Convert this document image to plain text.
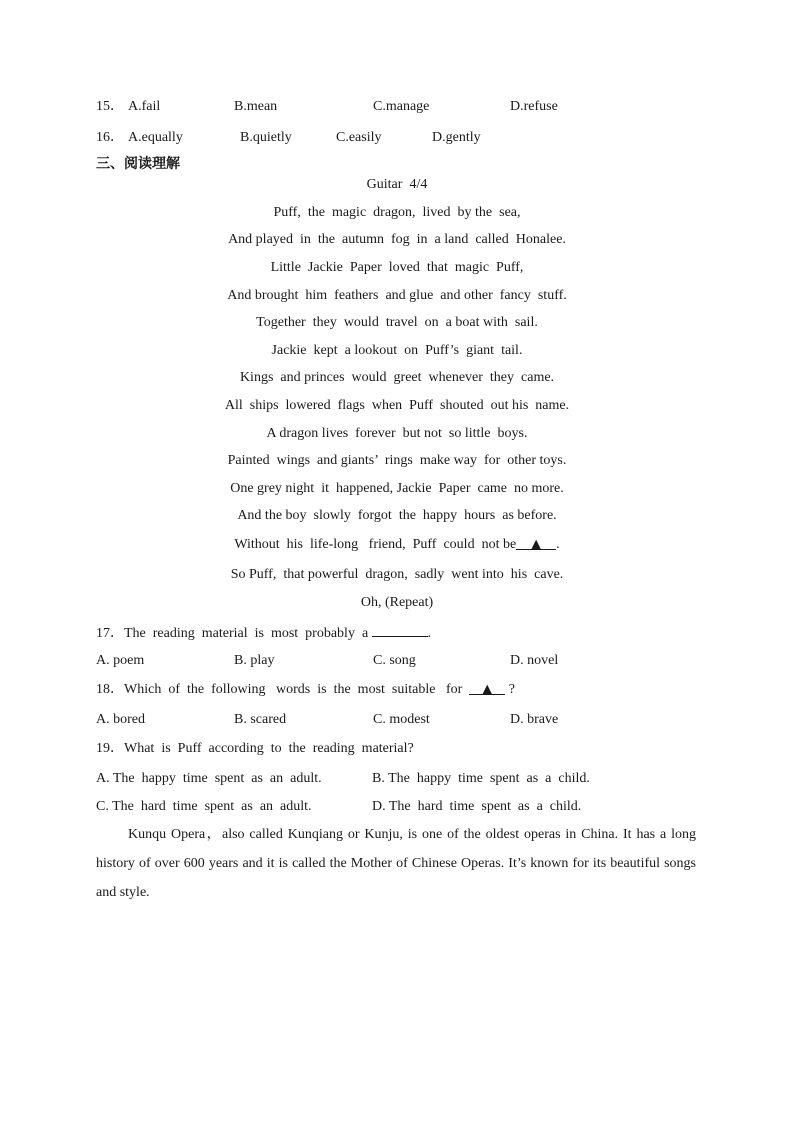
15． A.fail	B.mean	C.manage	D.refuse
16． A.equally	B.quietly	C.easily	D.gently
三、阅读理解
Guitar  4/4
Puff,  the  magic  dragon,  lived  by the  sea,
And played  in  the  autumn  fog  in  a land  called  Honalee.
Little  Jackie  Paper  loved  that  magic  Puff,
And brought  him  feathers  and glue  and other  fancy  stuff.
Together  they  would  travel  on  a boat with  sail.
Jackie  kept  a lookout  on  Puff’s  giant  tail.
Kings  and princes  would  greet  whenever  they  came.
All  ships  lowered  flags  when  Puff  shouted  out his  name.
A dragon lives  forever  but not  so little  boys.
Painted  wings  and giants’  rings  make way  for  other toys.
One grey night  it  happened, Jackie  Paper  came  no more.
And the boy  slowly  forgot  the  happy  hours  as before.
Without  his  life-long   friend,  Puff  could  not be ▲ .
So Puff,  that powerful  dragon,  sadly  went into  his  cave.
Oh, (Repeat)
17．The  reading  material  is  most  probably  a	.
A. poem	B. play	C. song	D. novel
18．Which  of  the  following   words  is  the  most  suitable   for ▲ ?
A. bored	B. scared	C. modest	D. brave
19．What  is  Puff  according  to  the  reading  material?
A. The  happy  time  spent  as  an  adult.	B. The  happy  time  spent  as  a  child.
C. The  hard  time  spent  as  an  adult.	D. The  hard  time  spent  as  a  child.
Kunqu Opera，also called Kunqiang or Kunju, is one of the oldest operas in China. It has a long history of over 600 years and it is called the Mother of Chinese Operas. It’s known for its beautiful songs and style.
